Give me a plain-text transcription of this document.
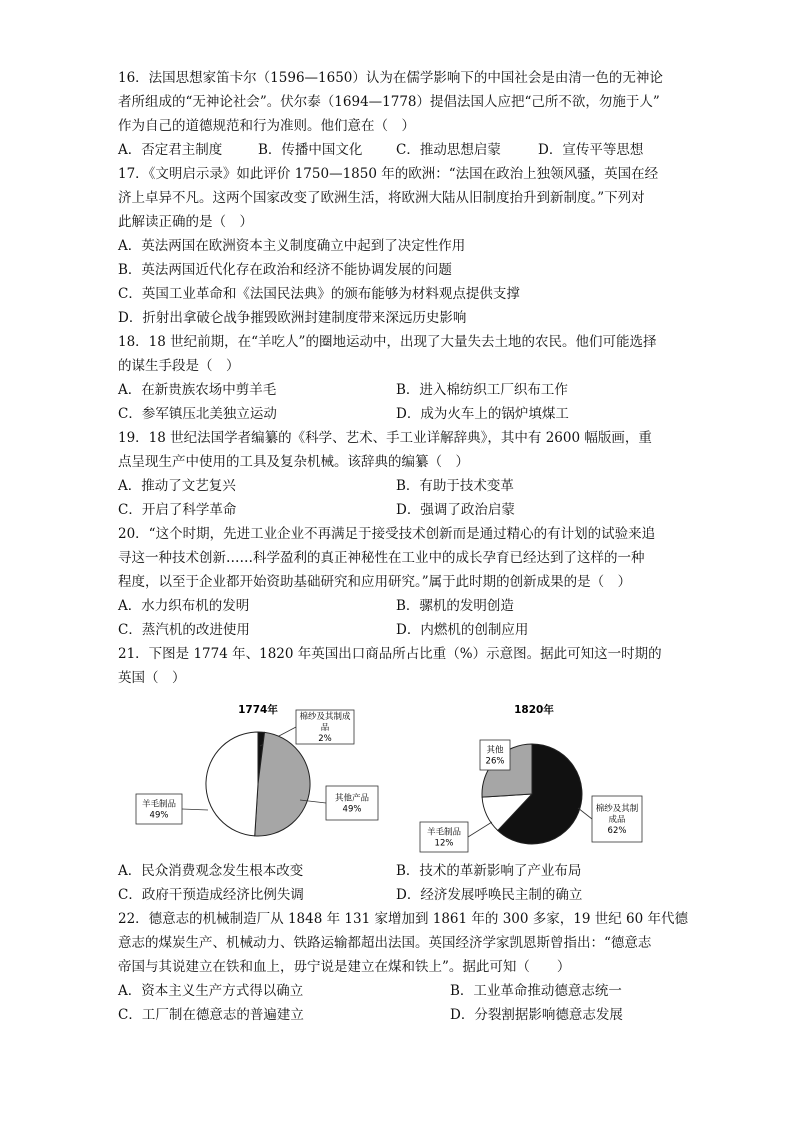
16．法国思想家笛卡尔（1596—1650）认为在儒学影响下的中国社会是由清一色的无神论
者所组成的“无神论社会”。伏尔泰（1694—1778）提倡法国人应把“己所不欲，勿施于人”
作为自己的道德规范和行为准则。他们意在（　）
A．否定君主制度	B．传播中国文化 C．推动思想启蒙	D．宣传平等思想
17．《文明启示录》如此评价 1750—1850 年的欧洲：“法国在政治上独领风骚，英国在经
济上卓异不凡。这两个国家改变了欧洲生活，将欧洲大陆从旧制度抬升到新制度。”下列对
此解读正确的是（　）
A．英法两国在欧洲资本主义制度确立中起到了决定性作用
B．英法两国近代化存在政治和经济不能协调发展的问题
C．英国工业革命和《法国民法典》的颁布能够为材料观点提供支撑
D．折射出拿破仑战争摧毁欧洲封建制度带来深远历史影响
18．18 世纪前期，在“羊吃人”的圈地运动中，出现了大量失去土地的农民。他们可能选择
的谋生手段是（　）
A．在新贵族农场中剪羊毛	B．进入棉纺织工厂织布工作
C．参军镇压北美独立运动	D．成为火车上的锅炉填煤工
19．18 世纪法国学者编纂的《科学、艺术、手工业详解辞典》，其中有 2600 幅版画，重
点呈现生产中使用的工具及复杂机械。该辞典的编纂（　）
A．推动了文艺复兴	B．有助于技术变革
C．开启了科学革命	D．强调了政治启蒙
20．“这个时期，先进工业企业不再满足于接受技术创新而是通过精心的有计划的试验来追
寻这一种技术创新……科学盈利的真正神秘性在工业中的成长孕育已经达到了这样的一种
程度，以至于企业都开始资助基础研究和应用研究。”属于此时期的创新成果的是（　）
A．水力织布机的发明	B．骡机的发明创造
C．蒸汽机的改进使用	D．内燃机的创制应用
21．下图是 1774 年、1820 年英国出口商品所占比重（%）示意图。据此可知这一时期的
英国（　）
1774年
棉纱及其制成
品
2%
其他产品
49%
羊毛制品
49%
1820年
棉纱及其制
成品
62%
羊毛制品
12%
其他
26%
A．民众消费观念发生根本改变	B．技术的革新影响了产业布局
C．政府干预造成经济比例失调	D．经济发展呼唤民主制的确立
22．德意志的机械制造厂从 1848 年 131 家增加到 1861 年的 300 多家，19 世纪 60 年代德
意志的煤炭生产、机械动力、铁路运输都超出法国。英国经济学家凯恩斯曾指出：“德意志
帝国与其说建立在铁和血上，毋宁说是建立在煤和铁上”。据此可知（　　）
A．资本主义生产方式得以确立	B．工业革命推动德意志统一
C．工厂制在德意志的普遍建立	D．分裂割据影响德意志发展
